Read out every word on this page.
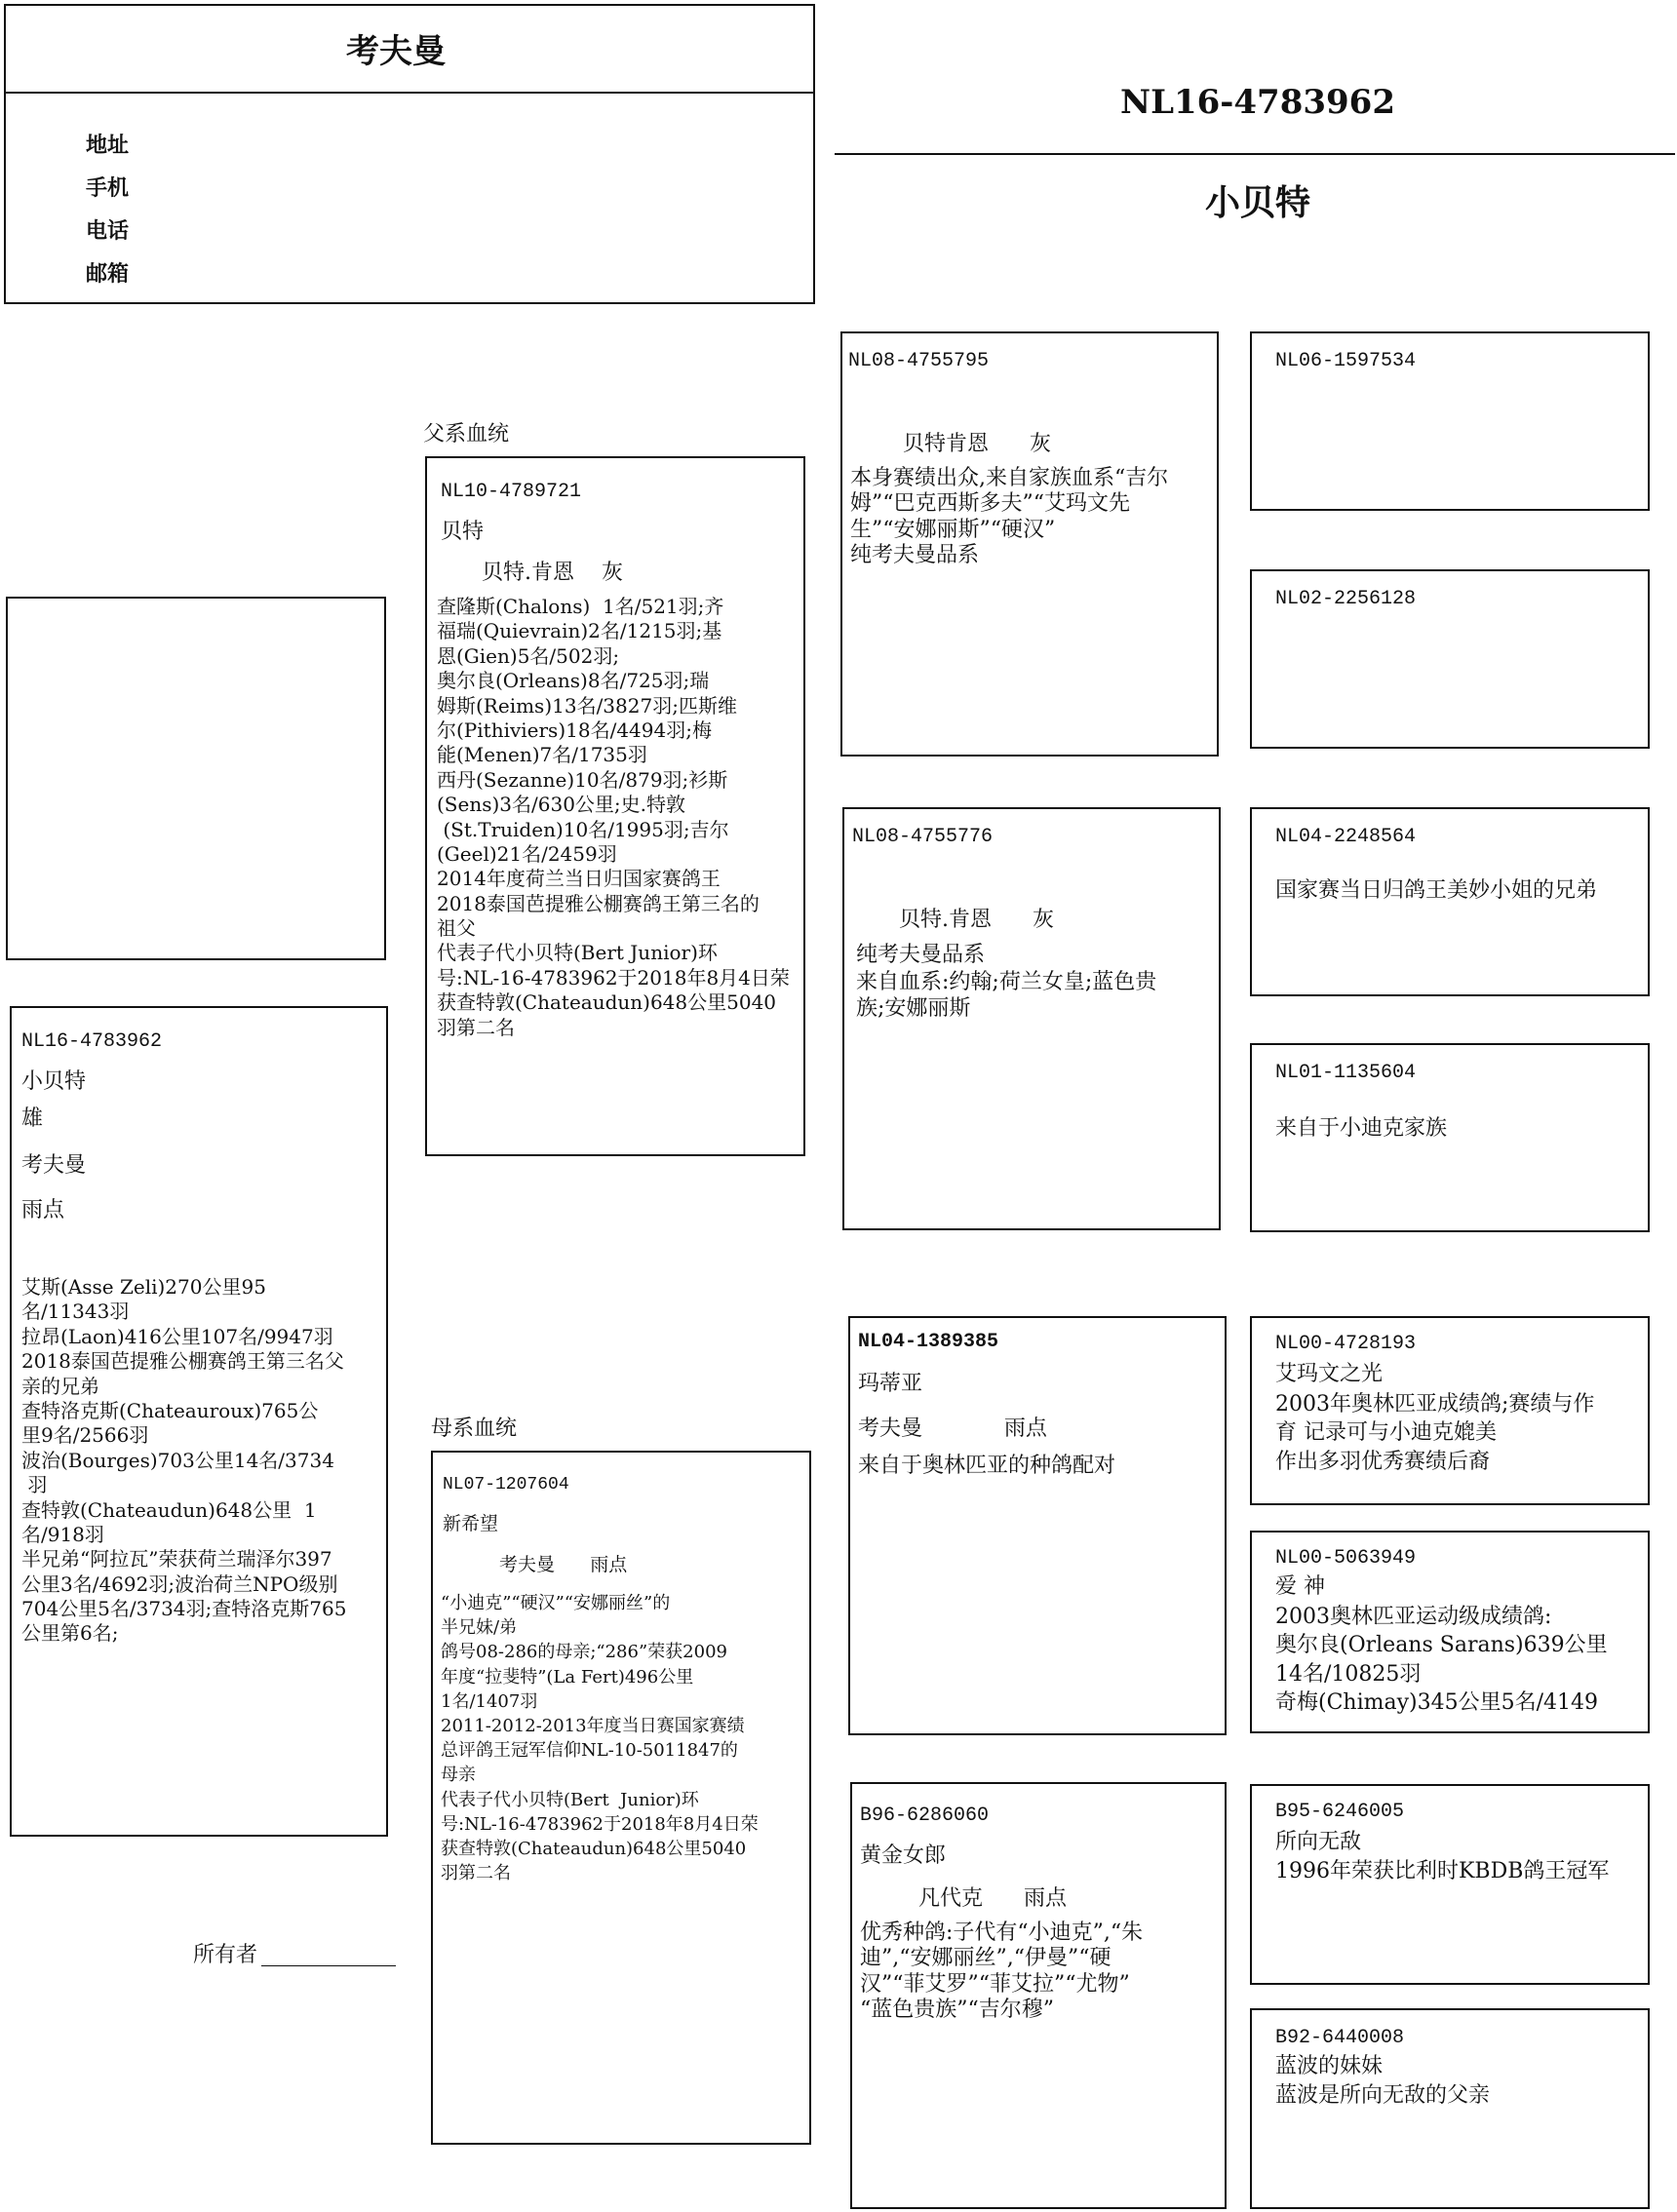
考夫曼
地址
手机
电话
邮箱
NL16-4783962
小贝特
NL16-4783962
小贝特
雄
考夫曼
雨点
艾斯(Asse Zeli)270公里95
名/11343羽
拉昂(Laon)416公里107名/9947羽
2018泰国芭提雅公棚赛鸽王第三名父
亲的兄弟
查特洛克斯(Chateauroux)765公
里9名/2566羽
波治(Bourges)703公里14名/3734
羽
查特敦(Chateaudun)648公里  1
名/918羽
半兄弟“阿拉瓦”荣获荷兰瑞泽尔397
公里3名/4692羽;波治荷兰NPO级别
704公里5名/3734羽;查特洛克斯765
公里第6名;
所有者
父系血统
母系血统
NL10-4789721
贝特
贝特.肯恩    灰
查隆斯(Chalons)  1名/521羽;齐
福瑞(Quievrain)2名/1215羽;基
恩(Gien)5名/502羽;
奥尔良(Orleans)8名/725羽;瑞
姆斯(Reims)13名/3827羽;匹斯维
尔(Pithiviers)18名/4494羽;梅
能(Menen)7名/1735羽
西丹(Sezanne)10名/879羽;衫斯
(Sens)3名/630公里;史.特敦
(St.Truiden)10名/1995羽;吉尔
(Geel)21名/2459羽
2014年度荷兰当日归国家赛鸽王
2018泰国芭提雅公棚赛鸽王第三名的
祖父
代表子代小贝特(Bert Junior)环
号:NL-16-4783962于2018年8月4日荣
获查特敦(Chateaudun)648公里5040
羽第二名
NL07-1207604
新希望
考夫曼      雨点
“小迪克”“硬汉”“安娜丽丝”的
半兄妹/弟
鸽号08-286的母亲;“286”荣获2009
年度“拉斐特”(La Fert)496公里
1名/1407羽
2011-2012-2013年度当日赛国家赛绩
总评鸽王冠军信仰NL-10-5011847的
母亲
代表子代小贝特(Bert  Junior)环
号:NL-16-4783962于2018年8月4日荣
获查特敦(Chateaudun)648公里5040
羽第二名
NL08-4755795
贝特肯恩      灰
本身赛绩出众,来自家族血系“吉尔
姆”“巴克西斯多夫”“艾玛文先
生”“安娜丽斯”“硬汉”
纯考夫曼品系
NL08-4755776
贝特.肯恩      灰
纯考夫曼品系
来自血系:约翰;荷兰女皇;蓝色贵
族;安娜丽斯
NL04-1389385
玛蒂亚
考夫曼            雨点
来自于奥林匹亚的种鸽配对
B96-6286060
黄金女郎
凡代克      雨点
优秀种鸽:子代有“小迪克”,“朱
迪”,“安娜丽丝”,“伊曼”“硬
汉”“菲艾罗”“菲艾拉”“尤物”
“蓝色贵族”“吉尔穆”
NL06-1597534
NL02-2256128
NL04-2248564
国家赛当日归鸽王美妙小姐的兄弟
NL01-1135604
来自于小迪克家族
NL00-4728193
艾玛文之光
2003年奥林匹亚成绩鸽;赛绩与作
育 记录可与小迪克媲美
作出多羽优秀赛绩后裔
NL00-5063949
爱 神
2003奥林匹亚运动级成绩鸽:
奥尔良(Orleans Sarans)639公里
14名/10825羽
奇梅(Chimay)345公里5名/4149
B95-6246005
所向无敌
1996年荣获比利时KBDB鸽王冠军
B92-6440008
蓝波的妹妹
蓝波是所向无敌的父亲
